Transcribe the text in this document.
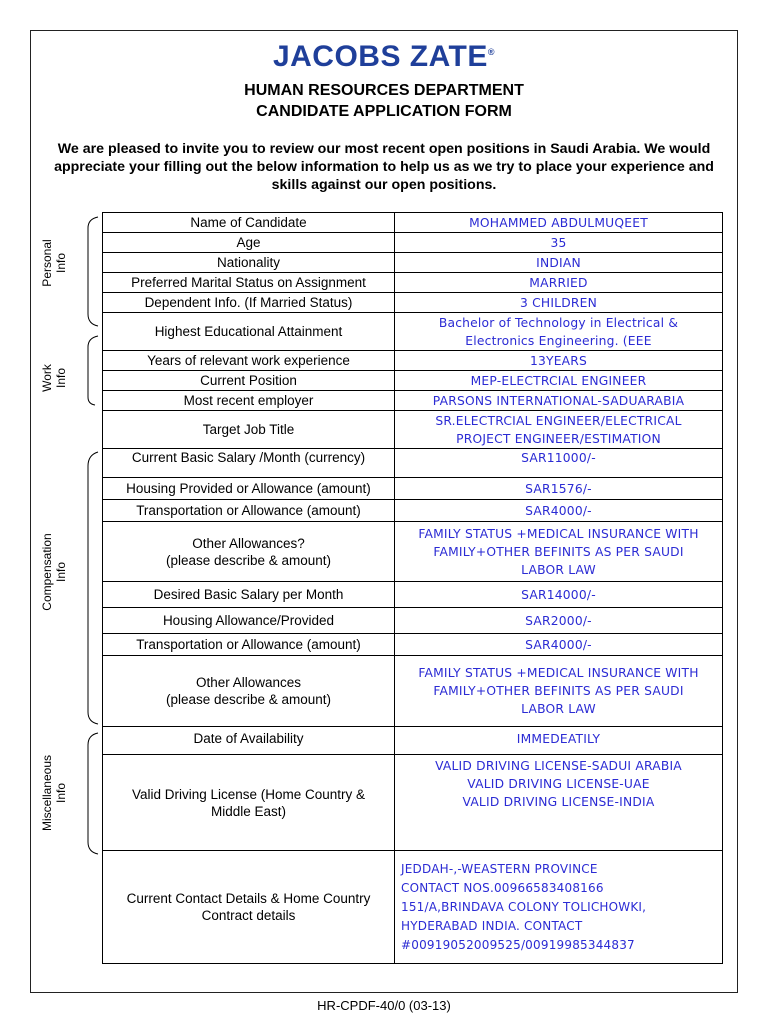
JACOBS ZATE®
HUMAN RESOURCES DEPARTMENT
CANDIDATE APPLICATION FORM
We are pleased to invite you to review our most recent open positions in Saudi Arabia. We would appreciate your filling out the below information to help us as we try to place your experience and skills against our open positions.
Personal
Info
Work
Info
Compensation
Info
Miscellaneous
Info
Name of Candidate	MOHAMMED ABDULMUQEET
Age	35
Nationality	INDIAN
Preferred Marital Status on Assignment	MARRIED
Dependent Info. (If Married Status)	3 CHILDREN
Highest Educational Attainment	Bachelor of Technology in Electrical &
Electronics Engineering. (EEE
Years of relevant work experience	13YEARS
Current Position	MEP-ELECTRCIAL ENGINEER
Most recent employer	PARSONS INTERNATIONAL-SADUARABIA
Target Job Title	SR.ELECTRCIAL ENGINEER/ELECTRICAL
PROJECT ENGINEER/ESTIMATION
Current Basic Salary /Month (currency)	SAR11000/-
Housing Provided or Allowance (amount)	SAR1576/-
Transportation or Allowance (amount)	SAR4000/-
Other Allowances?
(please describe & amount)	FAMILY STATUS +MEDICAL INSURANCE WITH
FAMILY+OTHER BEFINITS AS PER SAUDI
LABOR LAW
Desired Basic Salary per Month	SAR14000/-
Housing Allowance/Provided	SAR2000/-
Transportation or Allowance (amount)	SAR4000/-
Other Allowances
(please describe & amount)	FAMILY STATUS +MEDICAL INSURANCE WITH
FAMILY+OTHER BEFINITS AS PER SAUDI
LABOR LAW
Date of Availability	IMMEDEATILY
Valid Driving License (Home Country &
Middle East)	VALID DRIVING LICENSE-SADUI ARABIA
VALID DRIVING LICENSE-UAE
VALID DRIVING LICENSE-INDIA
Current Contact Details & Home Country
Contract details	JEDDAH-,-WEASTERN PROVINCE
CONTACT NOS.00966583408166
151/A,BRINDAVA COLONY TOLICHOWKI,
HYDERABAD INDIA. CONTACT
#00919052009525/00919985344837
HR-CPDF-40/0 (03-13)
